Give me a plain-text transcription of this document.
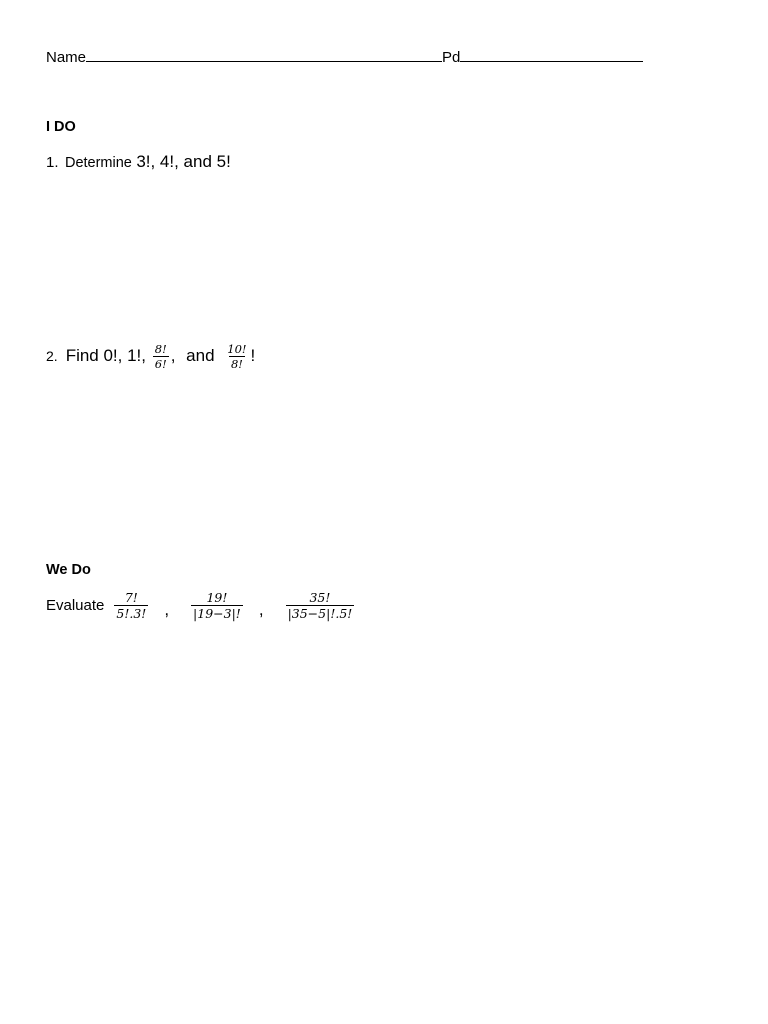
Name	Pd
I DO
1. Determine 3!, 4!, and 5!
2. Find 0!, 1!, $\frac{8!}{6!}$ , and $\frac{10!}{8!}$ !
We Do
Evaluate $\frac{7!}{5!.3!}$ , $\frac{19!}{|19-3|!}$ , $\frac{35!}{|35-5|!.5!}$
